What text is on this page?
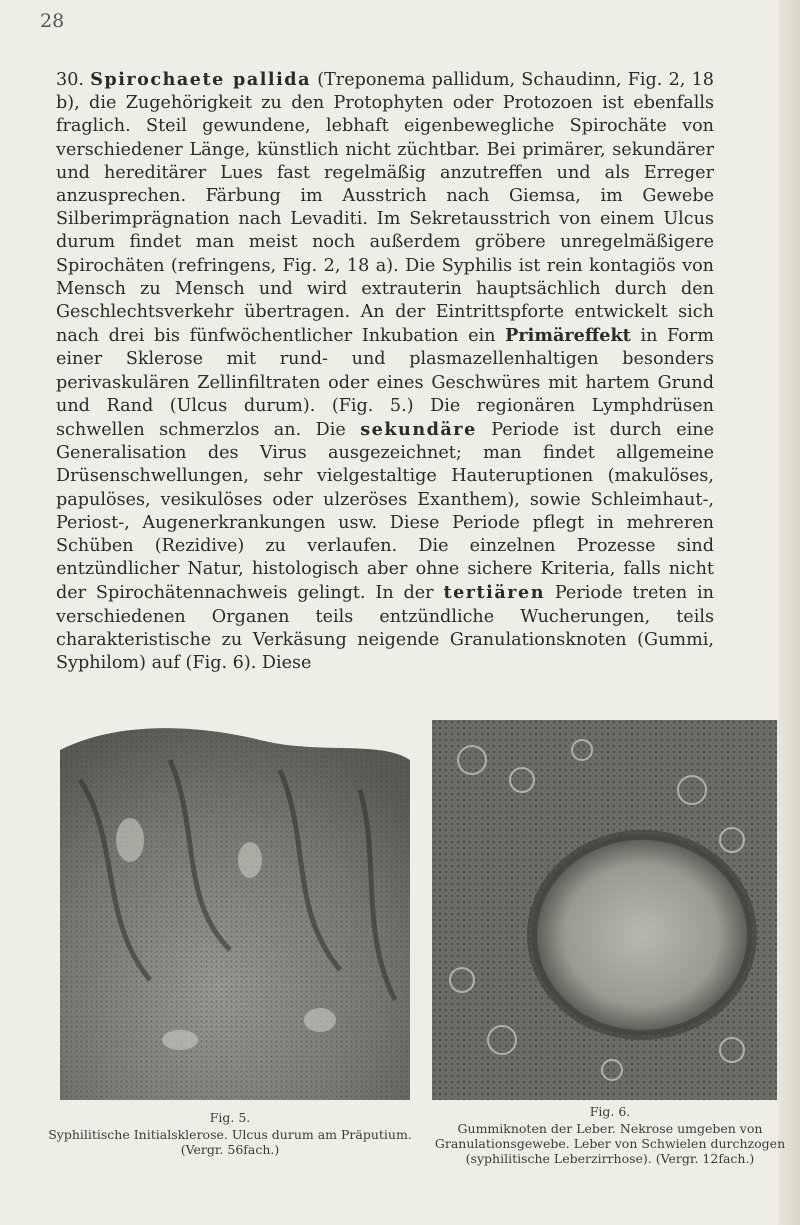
28

30. Spirochaete pallida (Treponema pallidum, Schaudinn, Fig. 2, 18 b), die Zugehörigkeit zu den Protophyten oder Protozoen ist ebenfalls fraglich. Steil gewundene, lebhaft eigenbewegliche Spirochäte von verschiedener Länge, künstlich nicht züchtbar. Bei primärer, sekundärer und hereditärer Lues fast regelmäßig anzutreffen und als Erreger anzusprechen. Färbung im Ausstrich nach Giemsa, im Gewebe Silberimprägnation nach Levaditi. Im Sekretausstrich von einem Ulcus durum findet man meist noch außerdem gröbere unregelmäßigere Spirochäten (refringens, Fig. 2, 18 a). Die Syphilis ist rein kontagiös von Mensch zu Mensch und wird extrauterin hauptsächlich durch den Geschlechtsverkehr übertragen. An der Eintrittspforte entwickelt sich nach drei bis fünfwöchentlicher Inkubation ein Primäreffekt in Form einer Sklerose mit rund- und plasmazellenhaltigen besonders perivaskulären Zellinfiltraten oder eines Geschwüres mit hartem Grund und Rand (Ulcus durum). (Fig. 5.) Die regionären Lymphdrüsen schwellen schmerzlos an. Die sekundäre Periode ist durch eine Generalisation des Virus ausgezeichnet; man findet allgemeine Drüsenschwellungen, sehr vielgestaltige Hauteruptionen (makulöses, papulöses, vesikulöses oder ulzeröses Exanthem), sowie Schleimhaut-, Periost-, Augenerkrankungen usw. Diese Periode pflegt in mehreren Schüben (Rezidive) zu verlaufen. Die einzelnen Prozesse sind entzündlicher Natur, histologisch aber ohne sichere Kriteria, falls nicht der Spirochätennachweis gelingt. In der tertiären Periode treten in verschiedenen Organen teils entzündliche Wucherungen, teils charakteristische zu Verkäsung neigende Granulationsknoten (Gummi, Syphilom) auf (Fig. 6). Diese

Fig. 5.
Syphilitische Initialsklerose. Ulcus durum am Präputium. (Vergr. 56fach.)
Fig. 6.
Gummiknoten der Leber. Nekrose umgeben von Granulationsgewebe. Leber von Schwielen durchzogen (syphilitische Leberzirrhose). (Vergr. 12fach.)
